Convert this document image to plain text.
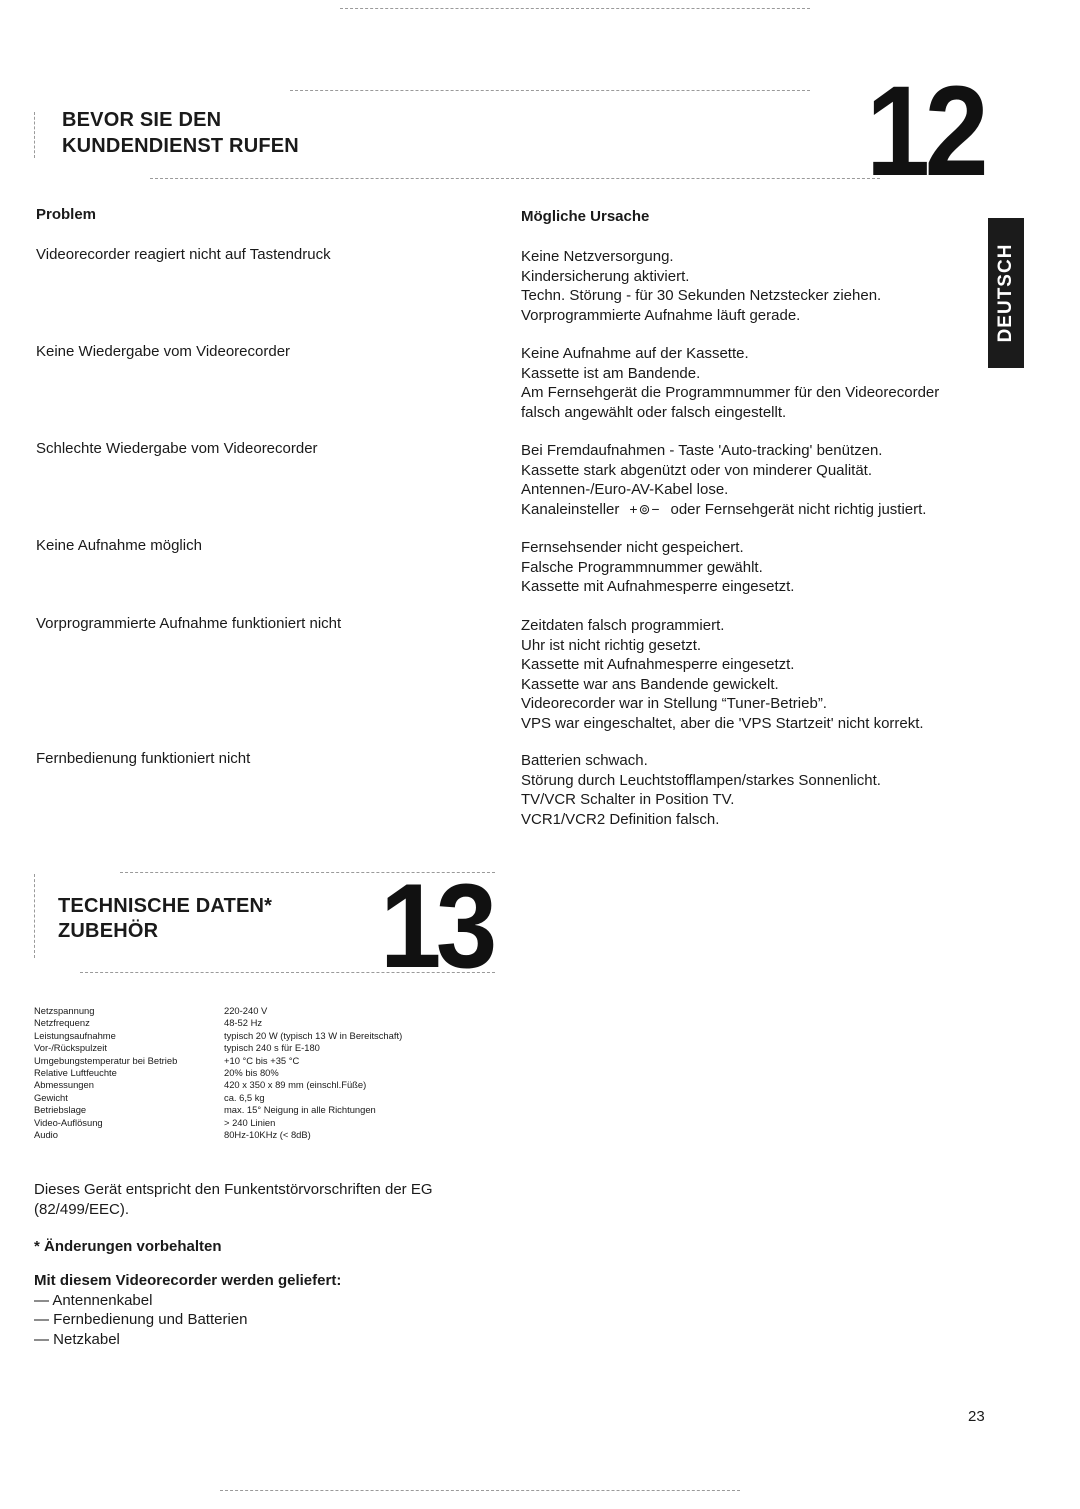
BEVOR SIE DEN
KUNDENDIENST RUFEN	12
DEUTSCH
Problem	Mögliche Ursache
Videorecorder reagiert nicht auf Tastendruck	Keine Netzversorgung.
Kindersicherung aktiviert.
Techn. Störung - für 30 Sekunden Netzstecker ziehen.
Vorprogrammierte Aufnahme läuft gerade.
Keine Wiedergabe vom Videorecorder	Keine Aufnahme auf der Kassette.
Kassette ist am Bandende.
Am Fernsehgerät die Programmnummer für den Videorecorder
falsch angewählt oder falsch eingestellt.
Schlechte Wiedergabe vom Videorecorder	Bei Fremdaufnahmen - Taste 'Auto-tracking' benützen.
Kassette stark abgenützt oder von minderer Qualität.
Antennen-/Euro-AV-Kabel lose.
Kanaleinsteller +⊚− oder Fernsehgerät nicht richtig justiert.
Keine Aufnahme möglich	Fernsehsender nicht gespeichert.
Falsche Programmnummer gewählt.
Kassette mit Aufnahmesperre eingesetzt.
Vorprogrammierte Aufnahme funktioniert nicht	Zeitdaten falsch programmiert.
Uhr ist nicht richtig gesetzt.
Kassette mit Aufnahmesperre eingesetzt.
Kassette war ans Bandende gewickelt.
Videorecorder war in Stellung “Tuner-Betrieb”.
VPS war eingeschaltet, aber die 'VPS Startzeit' nicht korrekt.
Fernbedienung funktioniert nicht	Batterien schwach.
Störung durch Leuchtstofflampen/starkes Sonnenlicht.
TV/VCR Schalter in Position TV.
VCR1/VCR2 Definition falsch.
TECHNISCHE DATEN*
ZUBEHÖR 13
Netzspannung	220-240 V
Netzfrequenz	48-52 Hz
Leistungsaufnahme	typisch 20 W (typisch 13 W in Bereitschaft)
Vor-/Rückspulzeit	typisch 240 s für E-180
Umgebungstemperatur bei Betrieb	+10 °C bis +35 °C
Relative Luftfeuchte	20% bis 80%
Abmessungen	420 x 350 x 89 mm (einschl.Füße)
Gewicht	ca. 6,5 kg
Betriebslage	max. 15° Neigung in alle Richtungen
Video-Auflösung	> 240 Linien
Audio	80Hz-10KHz (< 8dB)
Dieses Gerät entspricht den Funkentstörvorschriften der EG
(82/499/EEC).
* Änderungen vorbehalten
Mit diesem Videorecorder werden geliefert:
— Antennenkabel
— Fernbedienung und Batterien
— Netzkabel
23
